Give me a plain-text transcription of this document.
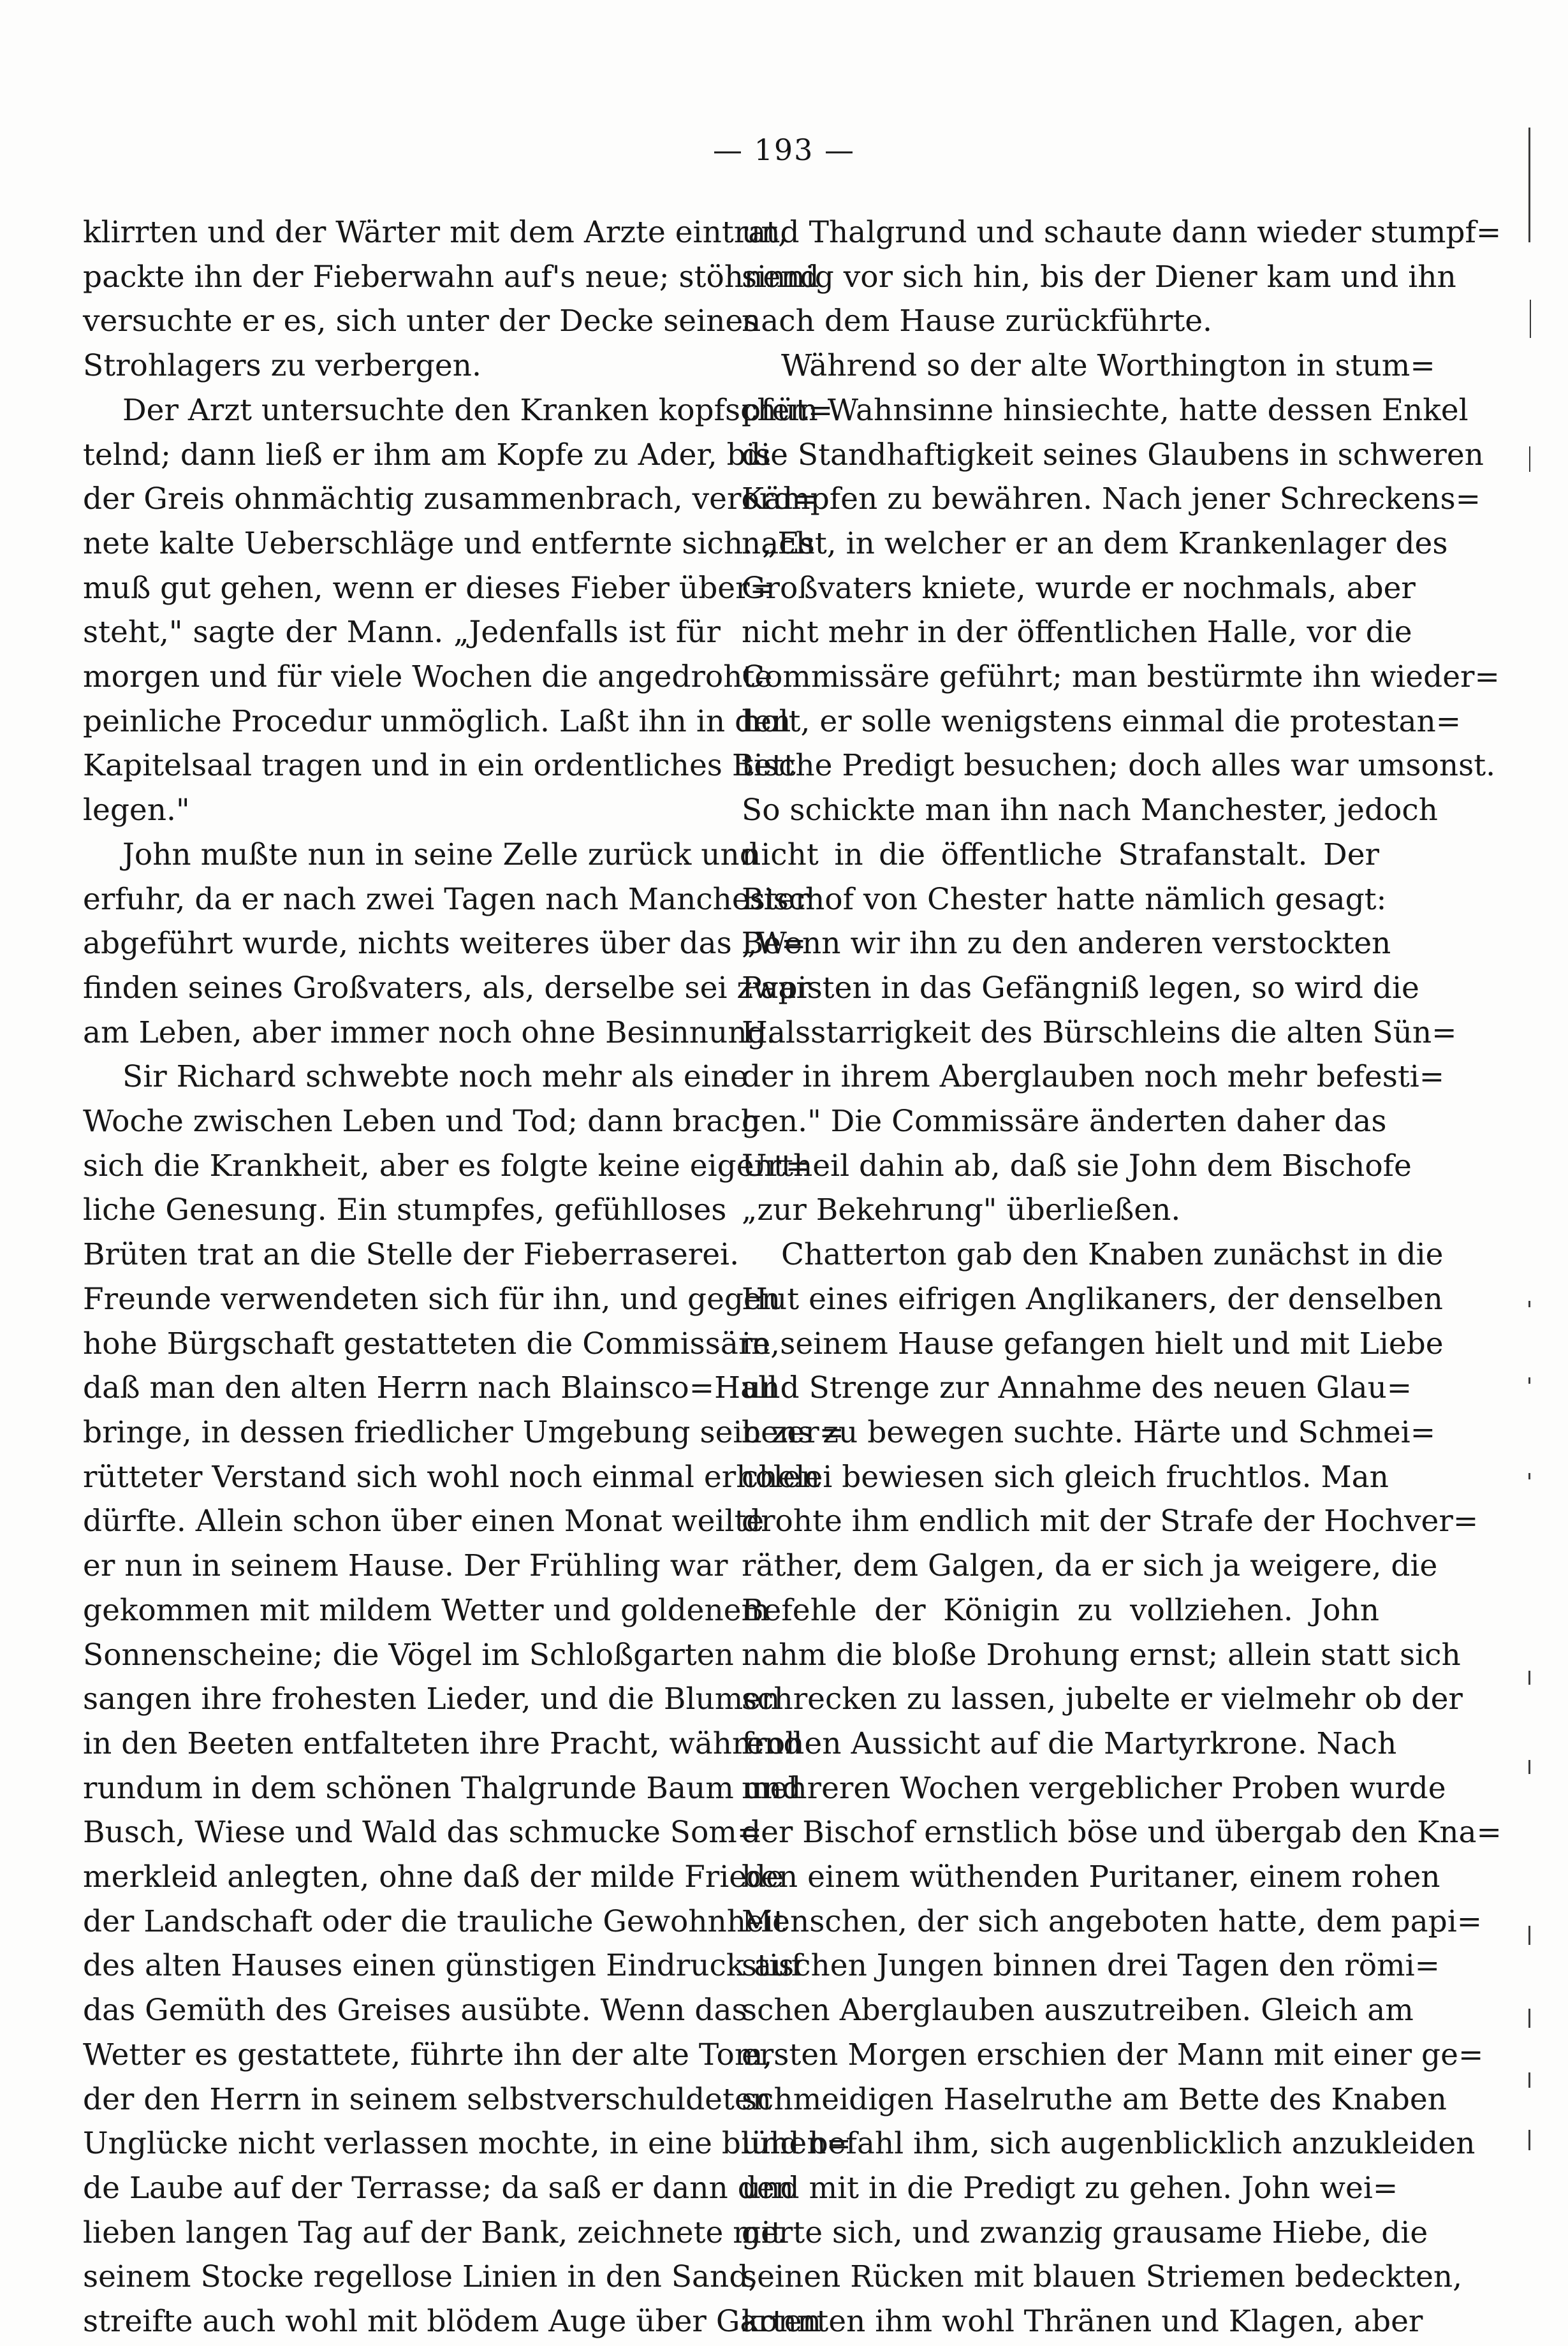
— 193 —
klirrten und der Wärter mit dem Arzte eintrat,
packte ihn der Fieberwahn auf's neue; stöhnend
versuchte er es, sich unter der Decke seines
Strohlagers zu verbergen.
Der Arzt untersuchte den Kranken kopfschüt=
telnd; dann ließ er ihm am Kopfe zu Ader, bis
der Greis ohnmächtig zusammenbrach, verord=
nete kalte Ueberschläge und entfernte sich. „Es
muß gut gehen, wenn er dieses Fieber über=
steht," sagte der Mann. „Jedenfalls ist für
morgen und für viele Wochen die angedrohte
peinliche Procedur unmöglich. Laßt ihn in den
Kapitelsaal tragen und in ein ordentliches Bett
legen."
John mußte nun in seine Zelle zurück und
erfuhr, da er nach zwei Tagen nach Manchester
abgeführt wurde, nichts weiteres über das Be=
finden seines Großvaters, als, derselbe sei zwar
am Leben, aber immer noch ohne Besinnung.
Sir Richard schwebte noch mehr als eine
Woche zwischen Leben und Tod; dann brach
sich die Krankheit, aber es folgte keine eigent=
liche Genesung. Ein stumpfes, gefühlloses
Brüten trat an die Stelle der Fieberraserei.
Freunde verwendeten sich für ihn, und gegen
hohe Bürgschaft gestatteten die Commissäre,
daß man den alten Herrn nach Blainsco=Hall
bringe, in dessen friedlicher Umgebung sein zer=
rütteter Verstand sich wohl noch einmal erholen
dürfte. Allein schon über einen Monat weilte
er nun in seinem Hause. Der Frühling war
gekommen mit mildem Wetter und goldenem
Sonnenscheine; die Vögel im Schloßgarten
sangen ihre frohesten Lieder, und die Blumen
in den Beeten entfalteten ihre Pracht, während
rundum in dem schönen Thalgrunde Baum und
Busch, Wiese und Wald das schmucke Som=
merkleid anlegten, ohne daß der milde Friede
der Landschaft oder die trauliche Gewohnheit
des alten Hauses einen günstigen Eindruck auf
das Gemüth des Greises ausübte. Wenn das
Wetter es gestattete, führte ihn der alte Tom,
der den Herrn in seinem selbstverschuldeten
Unglücke nicht verlassen mochte, in eine blühen=
de Laube auf der Terrasse; da saß er dann den
lieben langen Tag auf der Bank, zeichnete mit
seinem Stocke regellose Linien in den Sand,
streifte auch wohl mit blödem Auge über Garten
und Thalgrund und schaute dann wieder stumpf=
sinnig vor sich hin, bis der Diener kam und ihn
nach dem Hause zurückführte.
Während so der alte Worthington in stum=
pfem Wahnsinne hinsiechte, hatte dessen Enkel
die Standhaftigkeit seines Glaubens in schweren
Kämpfen zu bewähren. Nach jener Schreckens=
nacht, in welcher er an dem Krankenlager des
Großvaters kniete, wurde er nochmals, aber
nicht mehr in der öffentlichen Halle, vor die
Commissäre geführt; man bestürmte ihn wieder=
holt, er solle wenigstens einmal die protestan=
tische Predigt besuchen; doch alles war umsonst.
So schickte man ihn nach Manchester, jedoch
nicht in die öffentliche Strafanstalt. Der
Bischof von Chester hatte nämlich gesagt:
„Wenn wir ihn zu den anderen verstockten
Papisten in das Gefängniß legen, so wird die
Halsstarrigkeit des Bürschleins die alten Sün=
der in ihrem Aberglauben noch mehr befesti=
gen." Die Commissäre änderten daher das
Urtheil dahin ab, daß sie John dem Bischofe
„zur Bekehrung" überließen.
Chatterton gab den Knaben zunächst in die
Hut eines eifrigen Anglikaners, der denselben
in seinem Hause gefangen hielt und mit Liebe
und Strenge zur Annahme des neuen Glau=
bens zu bewegen suchte. Härte und Schmei=
chelei bewiesen sich gleich fruchtlos. Man
drohte ihm endlich mit der Strafe der Hochver=
räther, dem Galgen, da er sich ja weigere, die
Befehle der Königin zu vollziehen. John
nahm die bloße Drohung ernst; allein statt sich
schrecken zu lassen, jubelte er vielmehr ob der
frohen Aussicht auf die Martyrkrone. Nach
mehreren Wochen vergeblicher Proben wurde
der Bischof ernstlich böse und übergab den Kna=
ben einem wüthenden Puritaner, einem rohen
Menschen, der sich angeboten hatte, dem papi=
stischen Jungen binnen drei Tagen den römi=
schen Aberglauben auszutreiben. Gleich am
ersten Morgen erschien der Mann mit einer ge=
schmeidigen Haselruthe am Bette des Knaben
und befahl ihm, sich augenblicklich anzukleiden
und mit in die Predigt zu gehen. John wei=
gerte sich, und zwanzig grausame Hiebe, die
seinen Rücken mit blauen Striemen bedeckten,
konnten ihm wohl Thränen und Klagen, aber
